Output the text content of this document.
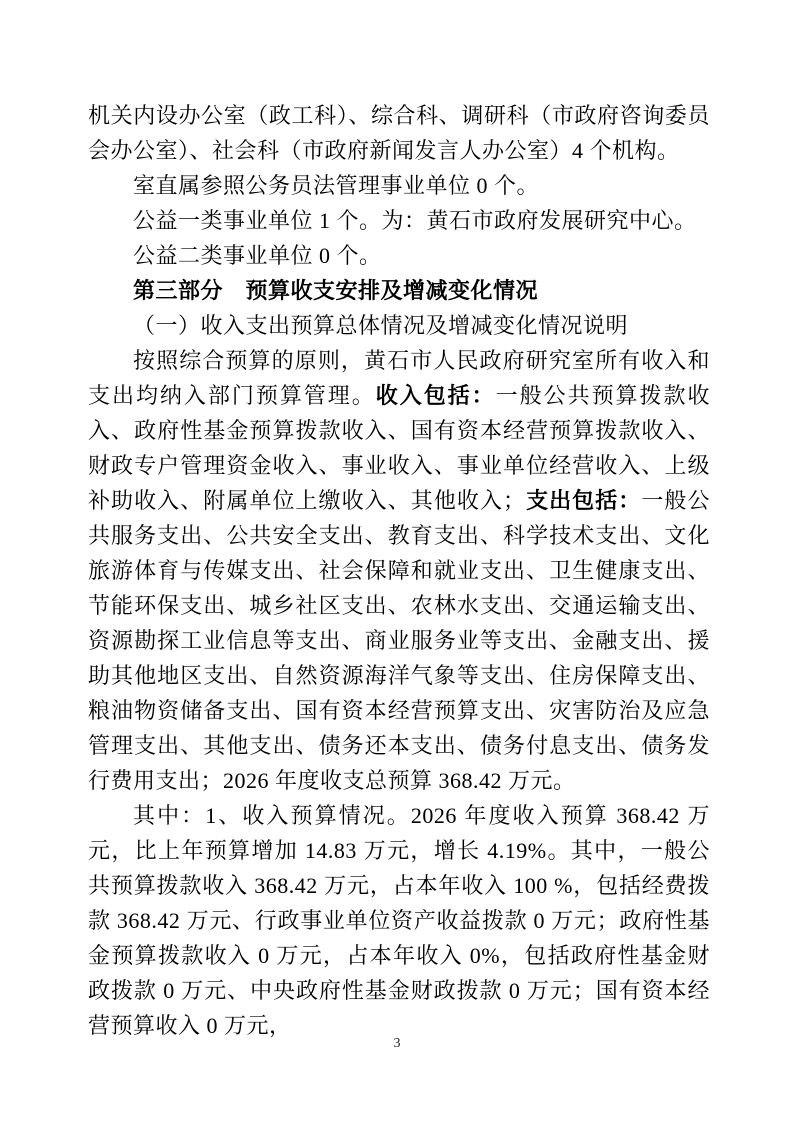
机关内设办公室（政工科）、综合科、调研科（市政府咨询委员会办公室）、社会科（市政府新闻发言人办公室）4 个机构。

室直属参照公务员法管理事业单位 0 个。

公益一类事业单位 1 个。为：黄石市政府发展研究中心。

公益二类事业单位 0 个。

第三部分　预算收支安排及增减变化情况

（一）收入支出预算总体情况及增减变化情况说明

按照综合预算的原则，黄石市人民政府研究室所有收入和支出均纳入部门预算管理。收入包括：一般公共预算拨款收入、政府性基金预算拨款收入、国有资本经营预算拨款收入、财政专户管理资金收入、事业收入、事业单位经营收入、上级补助收入、附属单位上缴收入、其他收入；支出包括：一般公共服务支出、公共安全支出、教育支出、科学技术支出、文化旅游体育与传媒支出、社会保障和就业支出、卫生健康支出、节能环保支出、城乡社区支出、农林水支出、交通运输支出、资源勘探工业信息等支出、商业服务业等支出、金融支出、援助其他地区支出、自然资源海洋气象等支出、住房保障支出、粮油物资储备支出、国有资本经营预算支出、灾害防治及应急管理支出、其他支出、债务还本支出、债务付息支出、债务发行费用支出；2026 年度收支总预算 368.42 万元。

其中：1、收入预算情况。2026 年度收入预算 368.42 万元，比上年预算增加 14.83 万元，增长 4.19%。其中，一般公共预算拨款收入 368.42 万元，占本年收入 100 %，包括经费拨款 368.42 万元、行政事业单位资产收益拨款 0 万元；政府性基金预算拨款收入 0 万元，占本年收入 0%，包括政府性基金财政拨款 0 万元、中央政府性基金财政拨款 0 万元；国有资本经营预算收入 0 万元，

3
